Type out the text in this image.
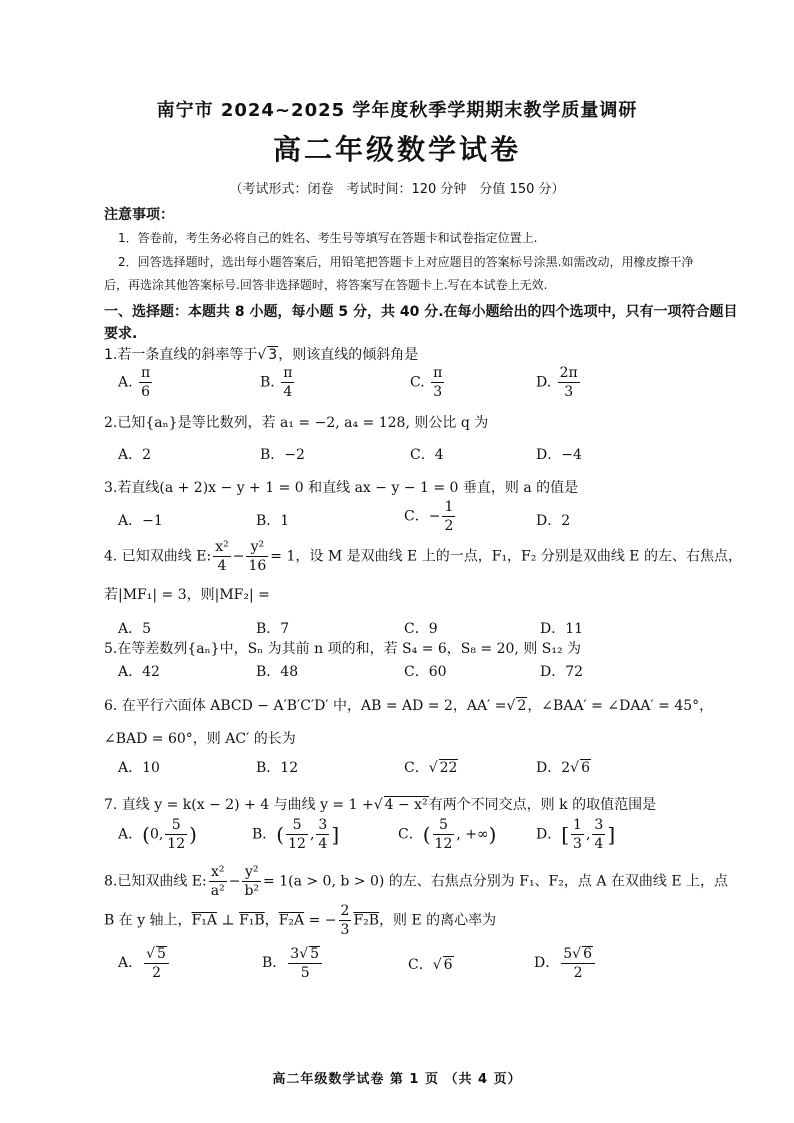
南宁市 2024~2025 学年度秋季学期期末教学质量调研
高二年级数学试卷
（考试形式：闭卷　考试时间：120 分钟　分值 150 分）
注意事项：
1．答卷前，考生务必将自己的姓名、考生号等填写在答题卡和试卷指定位置上.
2．回答选择题时，选出每小题答案后，用铅笔把答题卡上对应题目的答案标号涂黑.如需改动，用橡皮擦干净
后，再选涂其他答案标号.回答非选择题时，将答案写在答题卡上.写在本试卷上无效.
一、选择题：本题共 8 小题，每小题 5 分，共 40 分.在每小题给出的四个选项中，只有一项符合题目
要求.
1.若一条直线的斜率等于√ 3，则该直线的倾斜角是
A. $\frac{\pi}{6}$	B. $\frac{\pi}{4}$	C. $\frac{\pi}{3}$	D. $\frac{2\pi}{3}$
2.已知{aₙ}是等比数列，若 a₁ = −2, a₄ = 128, 则公比 q 为
A．2	B．−2	C．4	D．−4
3.若直线(a + 2)x − y + 1 = 0 和直线 ax − y − 1 = 0 垂直，则 a 的值是
A．−1	B．1	C．− $\frac{1}{2}$	D．2
4. 已知双曲线 E: $\frac{\text{x²}}{4} - \frac{\text{y²}}{16} = 1$，设 M 是双曲线 E 上的一点，F₁，F₂ 分别是双曲线 E 的左、右焦点，
若|MF₁| = 3，则|MF₂| =
A．5	B．7	C．9	D．11
5.在等差数列{aₙ}中，Sₙ 为其前 n 项的和，若 S₄ = 6，S₈ = 20, 则 S₁₂ 为
A．42	B．48	C．60	D．72
6. 在平行六面体 ABCD − A′B′C′D′ 中，AB = AD = 2，AA′ =√ 2，∠BAA′ = ∠DAA′ = 45°，
∠BAD = 60°，则 AC′ 的长为
A．10	B．12	C．√ 22	D．2√ 6
7. 直线 y = k(x − 2) + 4 与曲线 y = 1 +√ 4 − x²有两个不同交点，则 k 的取值范围是
A．(0, $\frac{5}{12}$ )	B．( $\frac{5}{12}$ , $\frac{3}{4}$ ]	C．( $\frac{5}{12}$ , +∞)	D．[ $\frac{1}{3}$ , $\frac{3}{4}$ ]
8.已知双曲线 E: $\frac{\text{x²}}{\text{a²}} - \frac{\text{y²}}{\text{b²}} = 1(a > 0$, b > 0) 的左、右焦点分别为 F₁、F₂，点 A 在双曲线 E 上，点
B 在 y 轴上，F₁A ⊥ F₁B，F₂A = − $\frac{2}{3} F_2B$，则 E 的离心率为
A． $\frac{√ 5}{2}$	B． $\frac{3√ 5}{5}$	C．√ 6	D． $\frac{5√ 6}{2}$
高二年级数学试卷 第 1 页 （共 4 页）
